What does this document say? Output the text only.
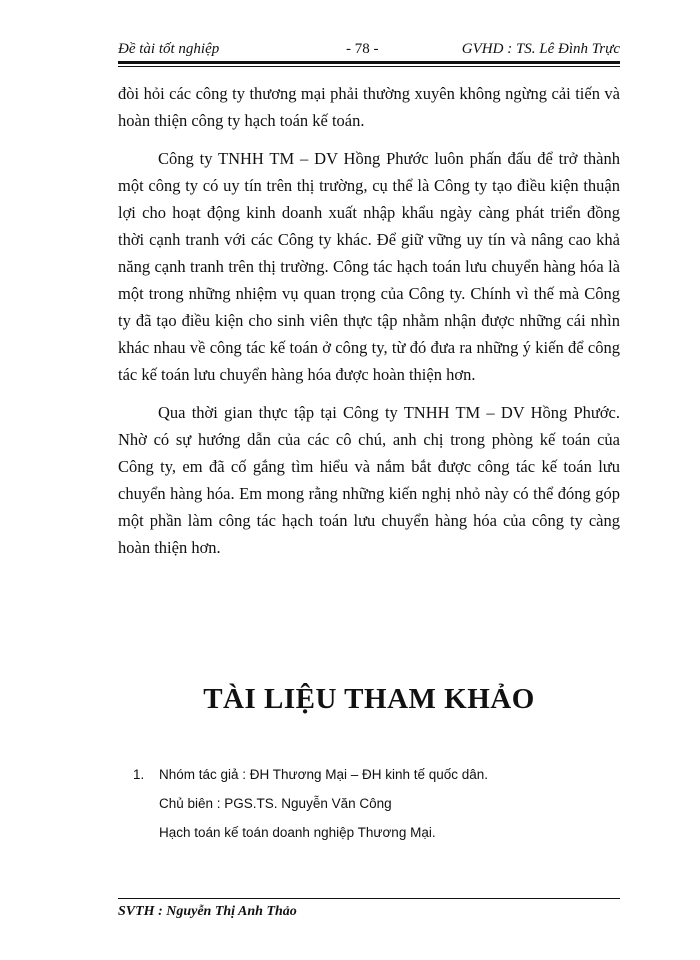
Đề tài tốt nghiệp	- 78 -	GVHD : TS. Lê Đình Trực

đòi hỏi các công ty thương mại phải thường xuyên không ngừng cải tiến và hoàn thiện công ty hạch toán kế toán.

Công ty TNHH TM – DV Hồng Phước luôn phấn đấu để trở thành một công ty có uy tín trên thị trường, cụ thể là Công ty tạo điều kiện thuận lợi cho hoạt động kinh doanh xuất nhập khẩu ngày càng phát triển đồng thời cạnh tranh với các Công ty khác. Để giữ vững uy tín và nâng cao khả năng cạnh tranh trên thị trường. Công tác hạch toán lưu chuyển hàng hóa là một trong những nhiệm vụ quan trọng của Công ty. Chính vì thế mà Công ty đã tạo điều kiện cho sinh viên thực tập nhằm nhận được những cái nhìn khác nhau về công tác kế toán ở công ty, từ đó đưa ra những ý kiến để công tác kế toán lưu chuyển hàng hóa được hoàn thiện hơn.

Qua thời gian thực tập tại Công ty TNHH TM – DV Hồng Phước. Nhờ có sự hướng dẫn của các cô chú, anh chị trong phòng kế toán của Công ty, em đã cố gắng tìm hiểu và nắm bắt được công tác kế toán lưu chuyển hàng hóa. Em mong rằng những kiến nghị nhỏ này có thể đóng góp một phần làm công tác hạch toán lưu chuyển hàng hóa của công ty càng hoàn thiện hơn.

TÀI LIỆU THAM KHẢO
1. Nhóm tác giả : ĐH Thương Mại – ĐH kinh tế quốc dân.
Chủ biên : PGS.TS. Nguyễn Văn Công
Hạch toán kế toán doanh nghiệp Thương Mại.
SVTH : Nguyễn Thị Anh Thảo
